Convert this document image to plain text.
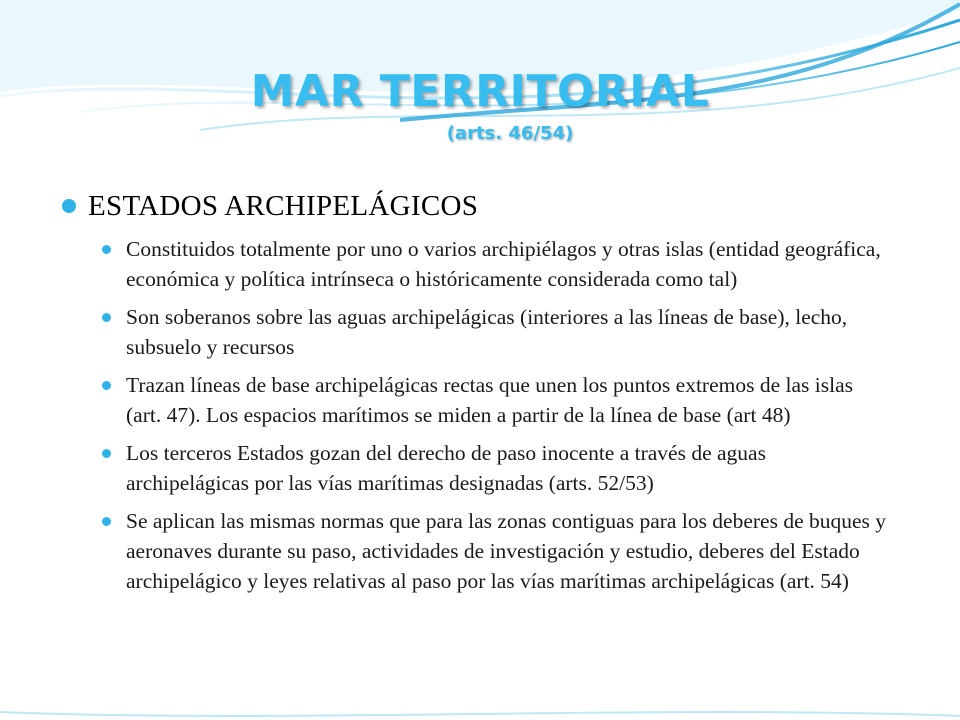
MAR TERRITORIAL
(arts. 46/54)
ESTADOS ARCHIPELÁGICOS
Constituidos totalmente por uno o varios archipiélagos y otras islas (entidad geográfica, económica y política intrínseca o históricamente considerada como tal)
Son soberanos sobre las aguas archipelágicas (interiores a las líneas de base), lecho, subsuelo y recursos
Trazan líneas de base archipelágicas rectas que unen los puntos extremos de las islas (art. 47). Los espacios marítimos se miden a partir de la línea de base (art 48)
Los terceros Estados gozan del derecho de paso inocente a través de aguas archipelágicas por las vías marítimas designadas (arts. 52/53)
Se aplican las mismas normas que para las zonas contiguas para los deberes de buques y aeronaves durante su paso, actividades de investigación y estudio, deberes del Estado archipelágico y leyes relativas al paso por las vías marítimas archipelágicas (art. 54)
